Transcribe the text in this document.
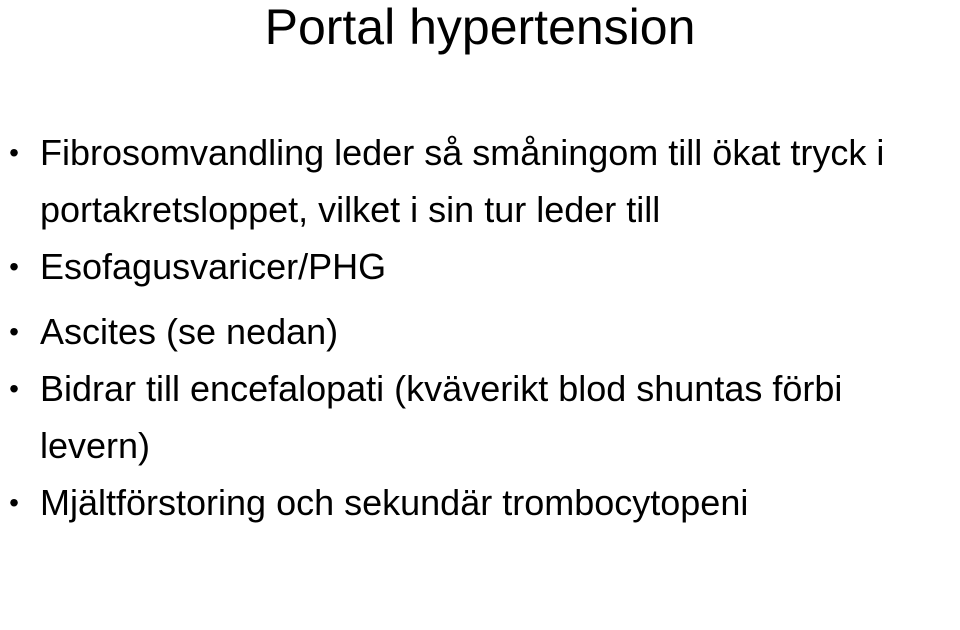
Portal hypertension
• Fibrosomvandling leder så småningom till ökat tryck i portakretsloppet, vilket i sin tur leder till
• Esofagusvaricer/PHG
• Ascites (se nedan)
• Bidrar till encefalopati (kväverikt blod shuntas förbi levern)
• Mjältförstoring och sekundär trombocytopeni
